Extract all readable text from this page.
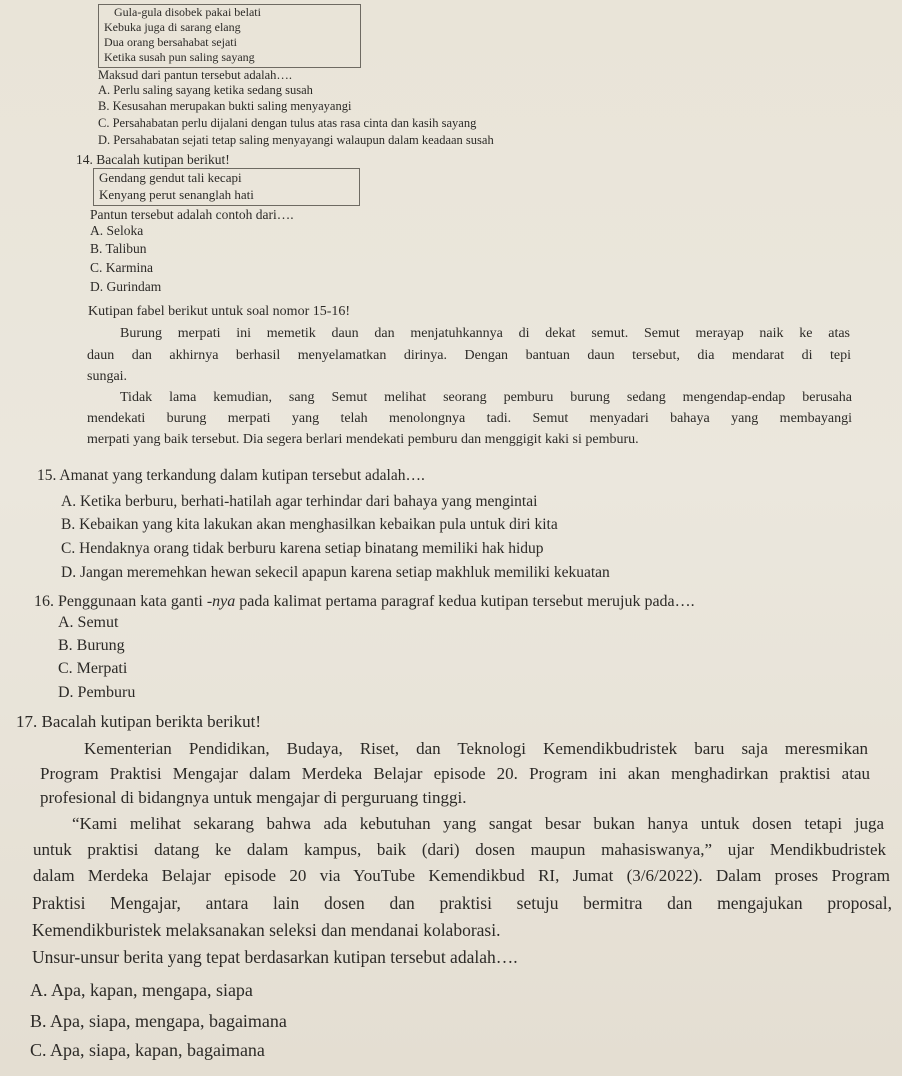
Gula-gula disobek pakai belati
Kebuka juga di sarang elang
Dua orang bersahabat sejati
Ketika susah pun saling sayang
Maksud dari pantun tersebut adalah….
A. Perlu saling sayang ketika sedang susah
B. Kesusahan merupakan bukti saling menyayangi
C. Persahabatan perlu dijalani dengan tulus atas rasa cinta dan kasih sayang
D. Persahabatan sejati tetap saling menyayangi walaupun dalam keadaan susah
14. Bacalah kutipan berikut!
Gendang gendut tali kecapi
Kenyang perut senanglah hati
Pantun tersebut adalah contoh dari….
A. Seloka
B. Talibun
C. Karmina
D. Gurindam
Kutipan fabel berikut untuk soal nomor 15-16!
Burung merpati ini memetik daun dan menjatuhkannya di dekat semut. Semut merayap naik ke atas
daun dan akhirnya berhasil menyelamatkan dirinya. Dengan bantuan daun tersebut, dia mendarat di tepi
sungai.
Tidak lama kemudian, sang Semut melihat seorang pemburu burung sedang mengendap-endap berusaha
mendekati burung merpati yang telah menolongnya tadi. Semut menyadari bahaya yang membayangi
merpati yang baik tersebut. Dia segera berlari mendekati pemburu dan menggigit kaki si pemburu.
15. Amanat yang terkandung dalam kutipan tersebut adalah….
A. Ketika berburu, berhati-hatilah agar terhindar dari bahaya yang mengintai
B. Kebaikan yang kita lakukan akan menghasilkan kebaikan pula untuk diri kita
C. Hendaknya orang tidak berburu karena setiap binatang memiliki hak hidup
D. Jangan meremehkan hewan sekecil apapun karena setiap makhluk memiliki kekuatan
16. Penggunaan kata ganti -nya pada kalimat pertama paragraf kedua kutipan tersebut merujuk pada….
A. Semut
B. Burung
C. Merpati
D. Pemburu
17. Bacalah kutipan berikta berikut!
Kementerian Pendidikan, Budaya, Riset, dan Teknologi Kemendikbudristek baru saja meresmikan
Program Praktisi Mengajar dalam Merdeka Belajar episode 20. Program ini akan menghadirkan praktisi atau
profesional di bidangnya untuk mengajar di perguruang tinggi.
“Kami melihat sekarang bahwa ada kebutuhan yang sangat besar bukan hanya untuk dosen tetapi juga
untuk praktisi datang ke dalam kampus, baik (dari) dosen maupun mahasiswanya,” ujar Mendikbudristek
dalam Merdeka Belajar episode 20 via YouTube Kemendikbud RI, Jumat (3/6/2022). Dalam proses Program
Praktisi Mengajar, antara lain dosen dan praktisi setuju bermitra dan mengajukan proposal,
Kemendikburistek melaksanakan seleksi dan mendanai kolaborasi.
Unsur-unsur berita yang tepat berdasarkan kutipan tersebut adalah….
A. Apa, kapan, mengapa, siapa
B. Apa, siapa, mengapa, bagaimana
C. Apa, siapa, kapan, bagaimana
